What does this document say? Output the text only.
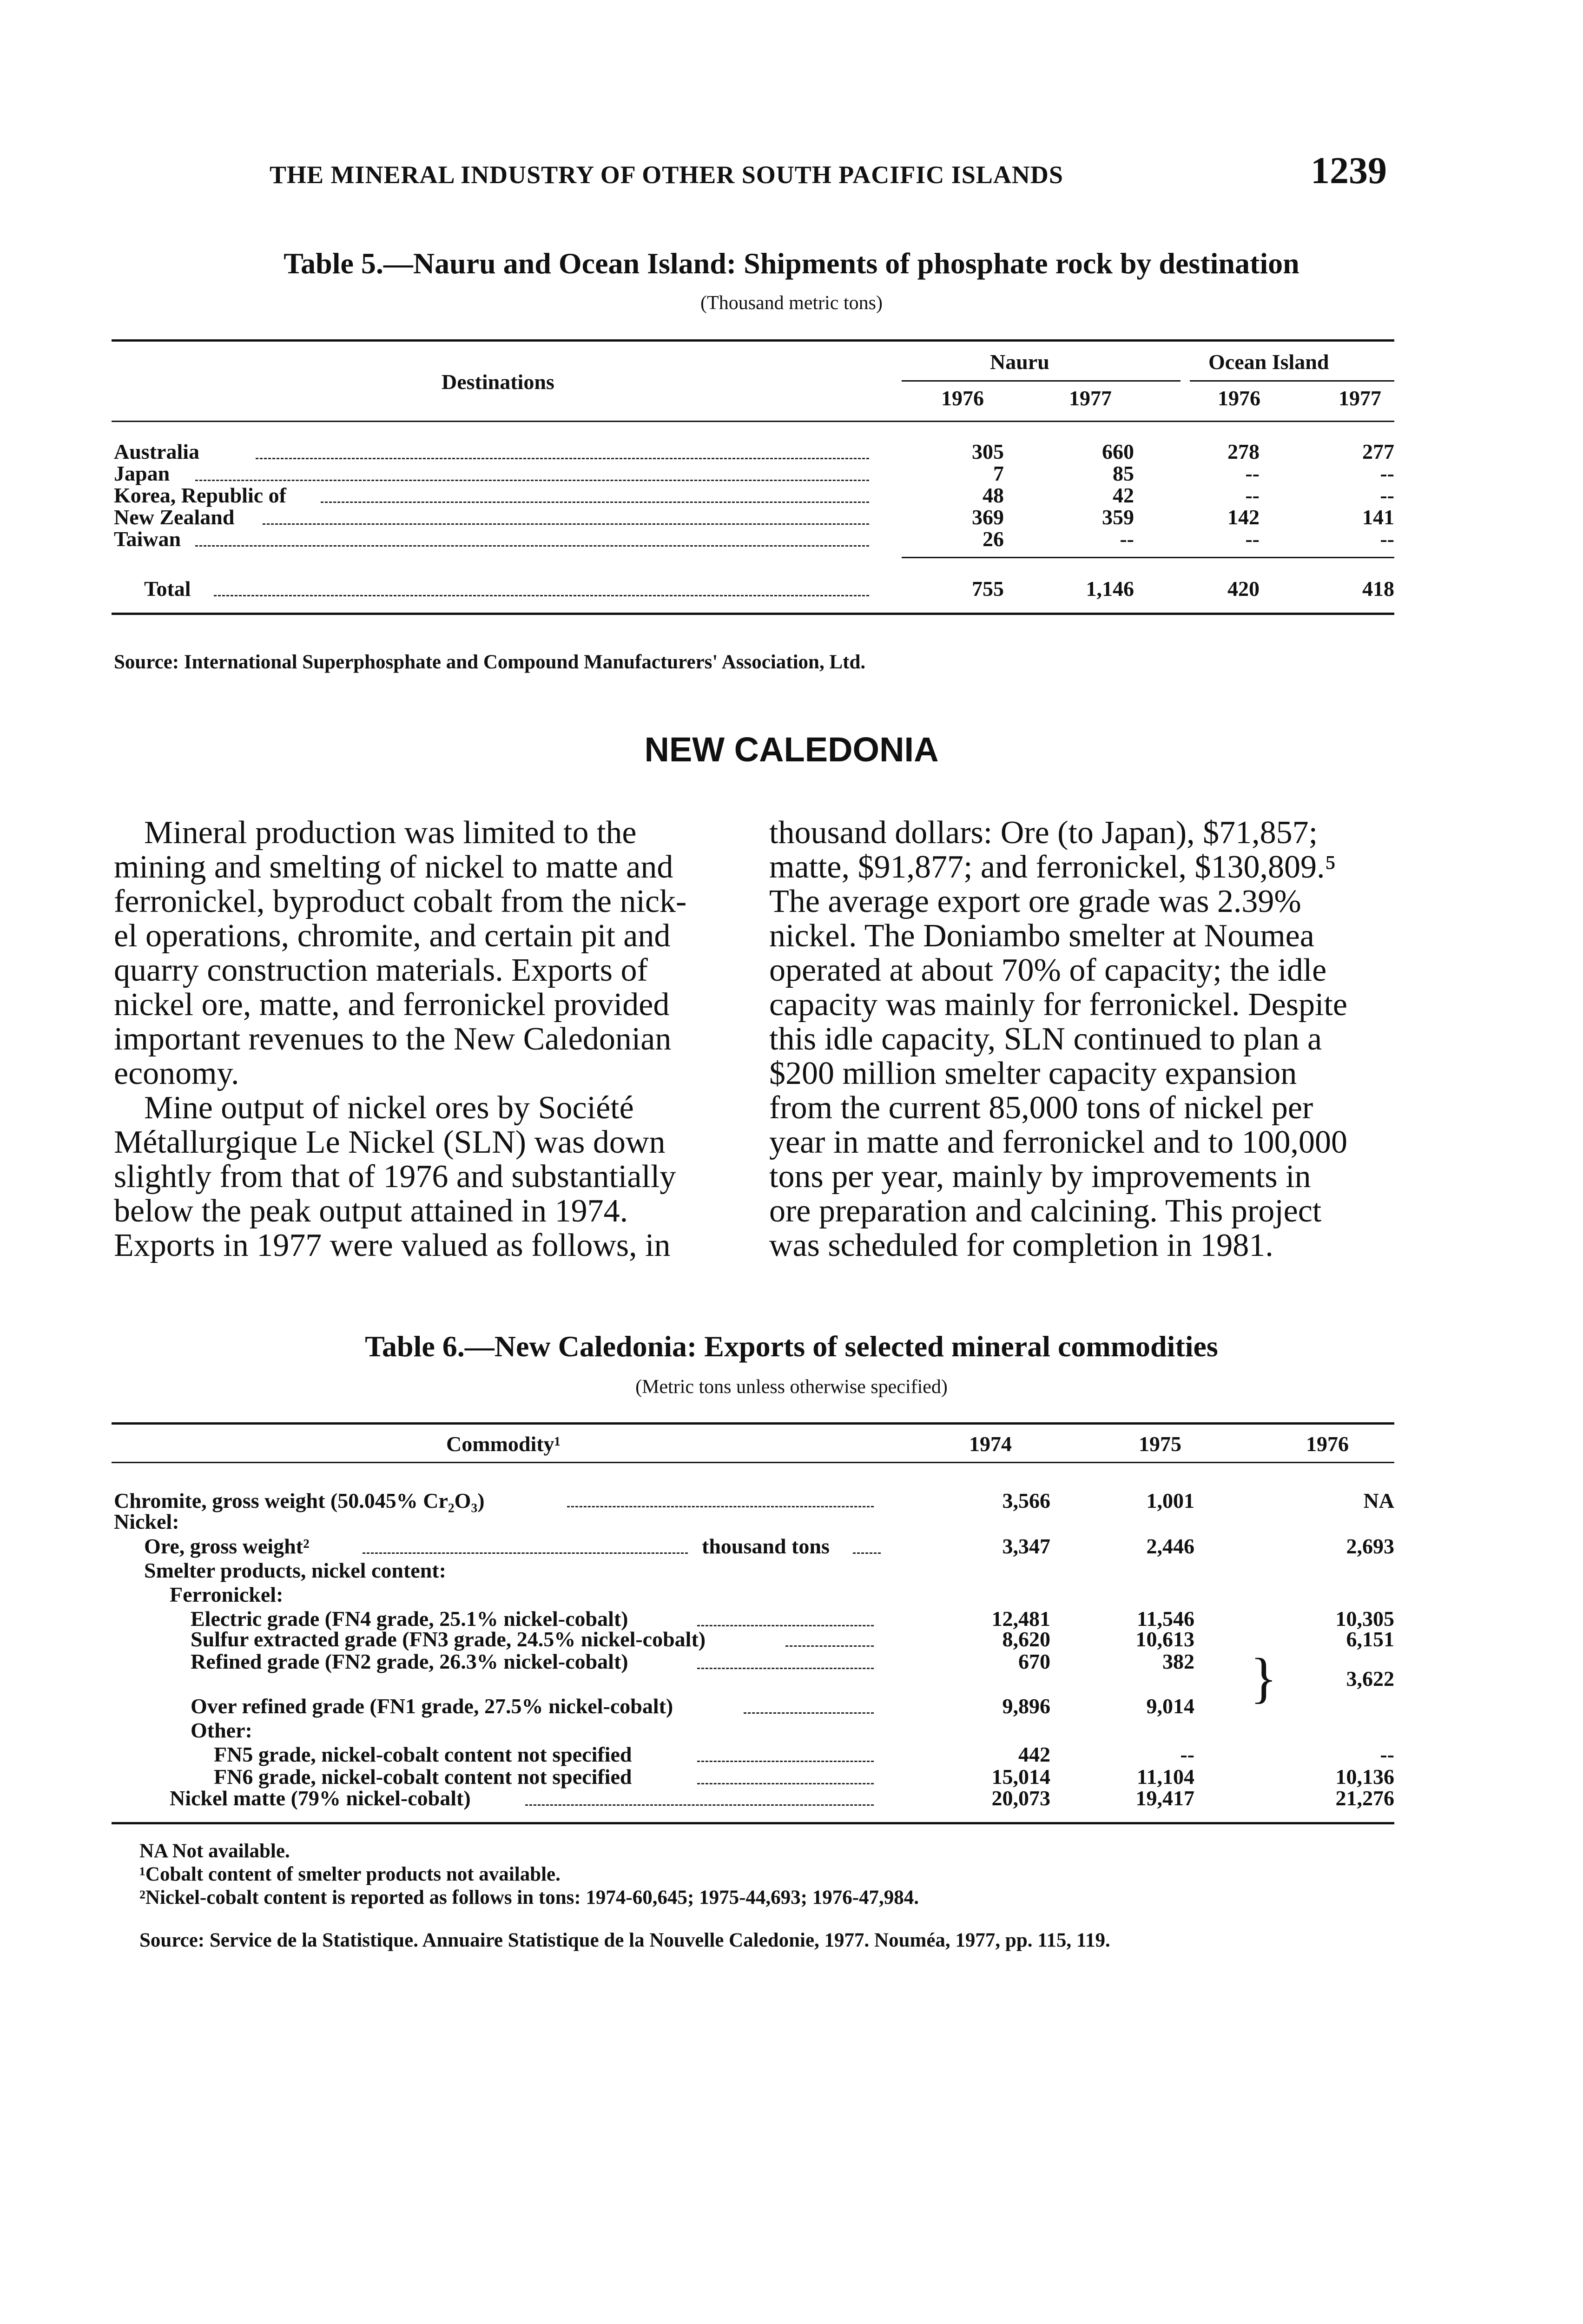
THE MINERAL INDUSTRY OF OTHER SOUTH PACIFIC ISLANDS	1239
Table 5.—Nauru and Ocean Island: Shipments of phosphate rock by destination
(Thousand metric tons)
Destinations
Nauru	Ocean Island
1976	1977	1976	1977
Australia	305	660	278	277
Japan	7	85	--	--
Korea, Republic of	48	42	--	--
New Zealand	369	359	142	141
Taiwan	26	--	--	--
Total	755	1,146	420	418
Source: International Superphosphate and Compound Manufacturers' Association, Ltd.
NEW CALEDONIA
Mineral production was limited to the
mining and smelting of nickel to matte and
ferronickel, byproduct cobalt from the nick-
el operations, chromite, and certain pit and
quarry construction materials. Exports of
nickel ore, matte, and ferronickel provided
important revenues to the New Caledonian
economy.
Mine output of nickel ores by Société
Métallurgique Le Nickel (SLN) was down
slightly from that of 1976 and substantially
below the peak output attained in 1974.
Exports in 1977 were valued as follows, in
thousand dollars: Ore (to Japan), $71,857;
matte, $91,877; and ferronickel, $130,809.⁵
The average export ore grade was 2.39%
nickel. The Doniambo smelter at Noumea
operated at about 70% of capacity; the idle
capacity was mainly for ferronickel. Despite
this idle capacity, SLN continued to plan a
$200 million smelter capacity expansion
from the current 85,000 tons of nickel per
year in matte and ferronickel and to 100,000
tons per year, mainly by improvements in
ore preparation and calcining. This project
was scheduled for completion in 1981.
Table 6.—New Caledonia: Exports of selected mineral commodities
(Metric tons unless otherwise specified)
Commodity¹	1974	1975	1976
Chromite, gross weight (50.045% Cr₂O₃)	3,566	1,001	NA
Nickel:
Ore, gross weight²	thousand tons	3,347	2,446	2,693
Smelter products, nickel content:
Ferronickel:
Electric grade (FN4 grade, 25.1% nickel-cobalt)	12,481	11,546	10,305
Sulfur extracted grade (FN3 grade, 24.5% nickel-cobalt)	8,620	10,613	6,151
Refined grade (FN2 grade, 26.3% nickel-cobalt)	670	382 }	3,622
Over refined grade (FN1 grade, 27.5% nickel-cobalt)	9,896	9,014
Other:
FN5 grade, nickel-cobalt content not specified	442	--	--
FN6 grade, nickel-cobalt content not specified	15,014	11,104	10,136
Nickel matte (79% nickel-cobalt)	20,073	19,417	21,276
NA Not available.
¹Cobalt content of smelter products not available.
²Nickel-cobalt content is reported as follows in tons: 1974-60,645; 1975-44,693; 1976-47,984.
Source: Service de la Statistique. Annuaire Statistique de la Nouvelle Caledonie, 1977. Nouméa, 1977, pp. 115, 119.
